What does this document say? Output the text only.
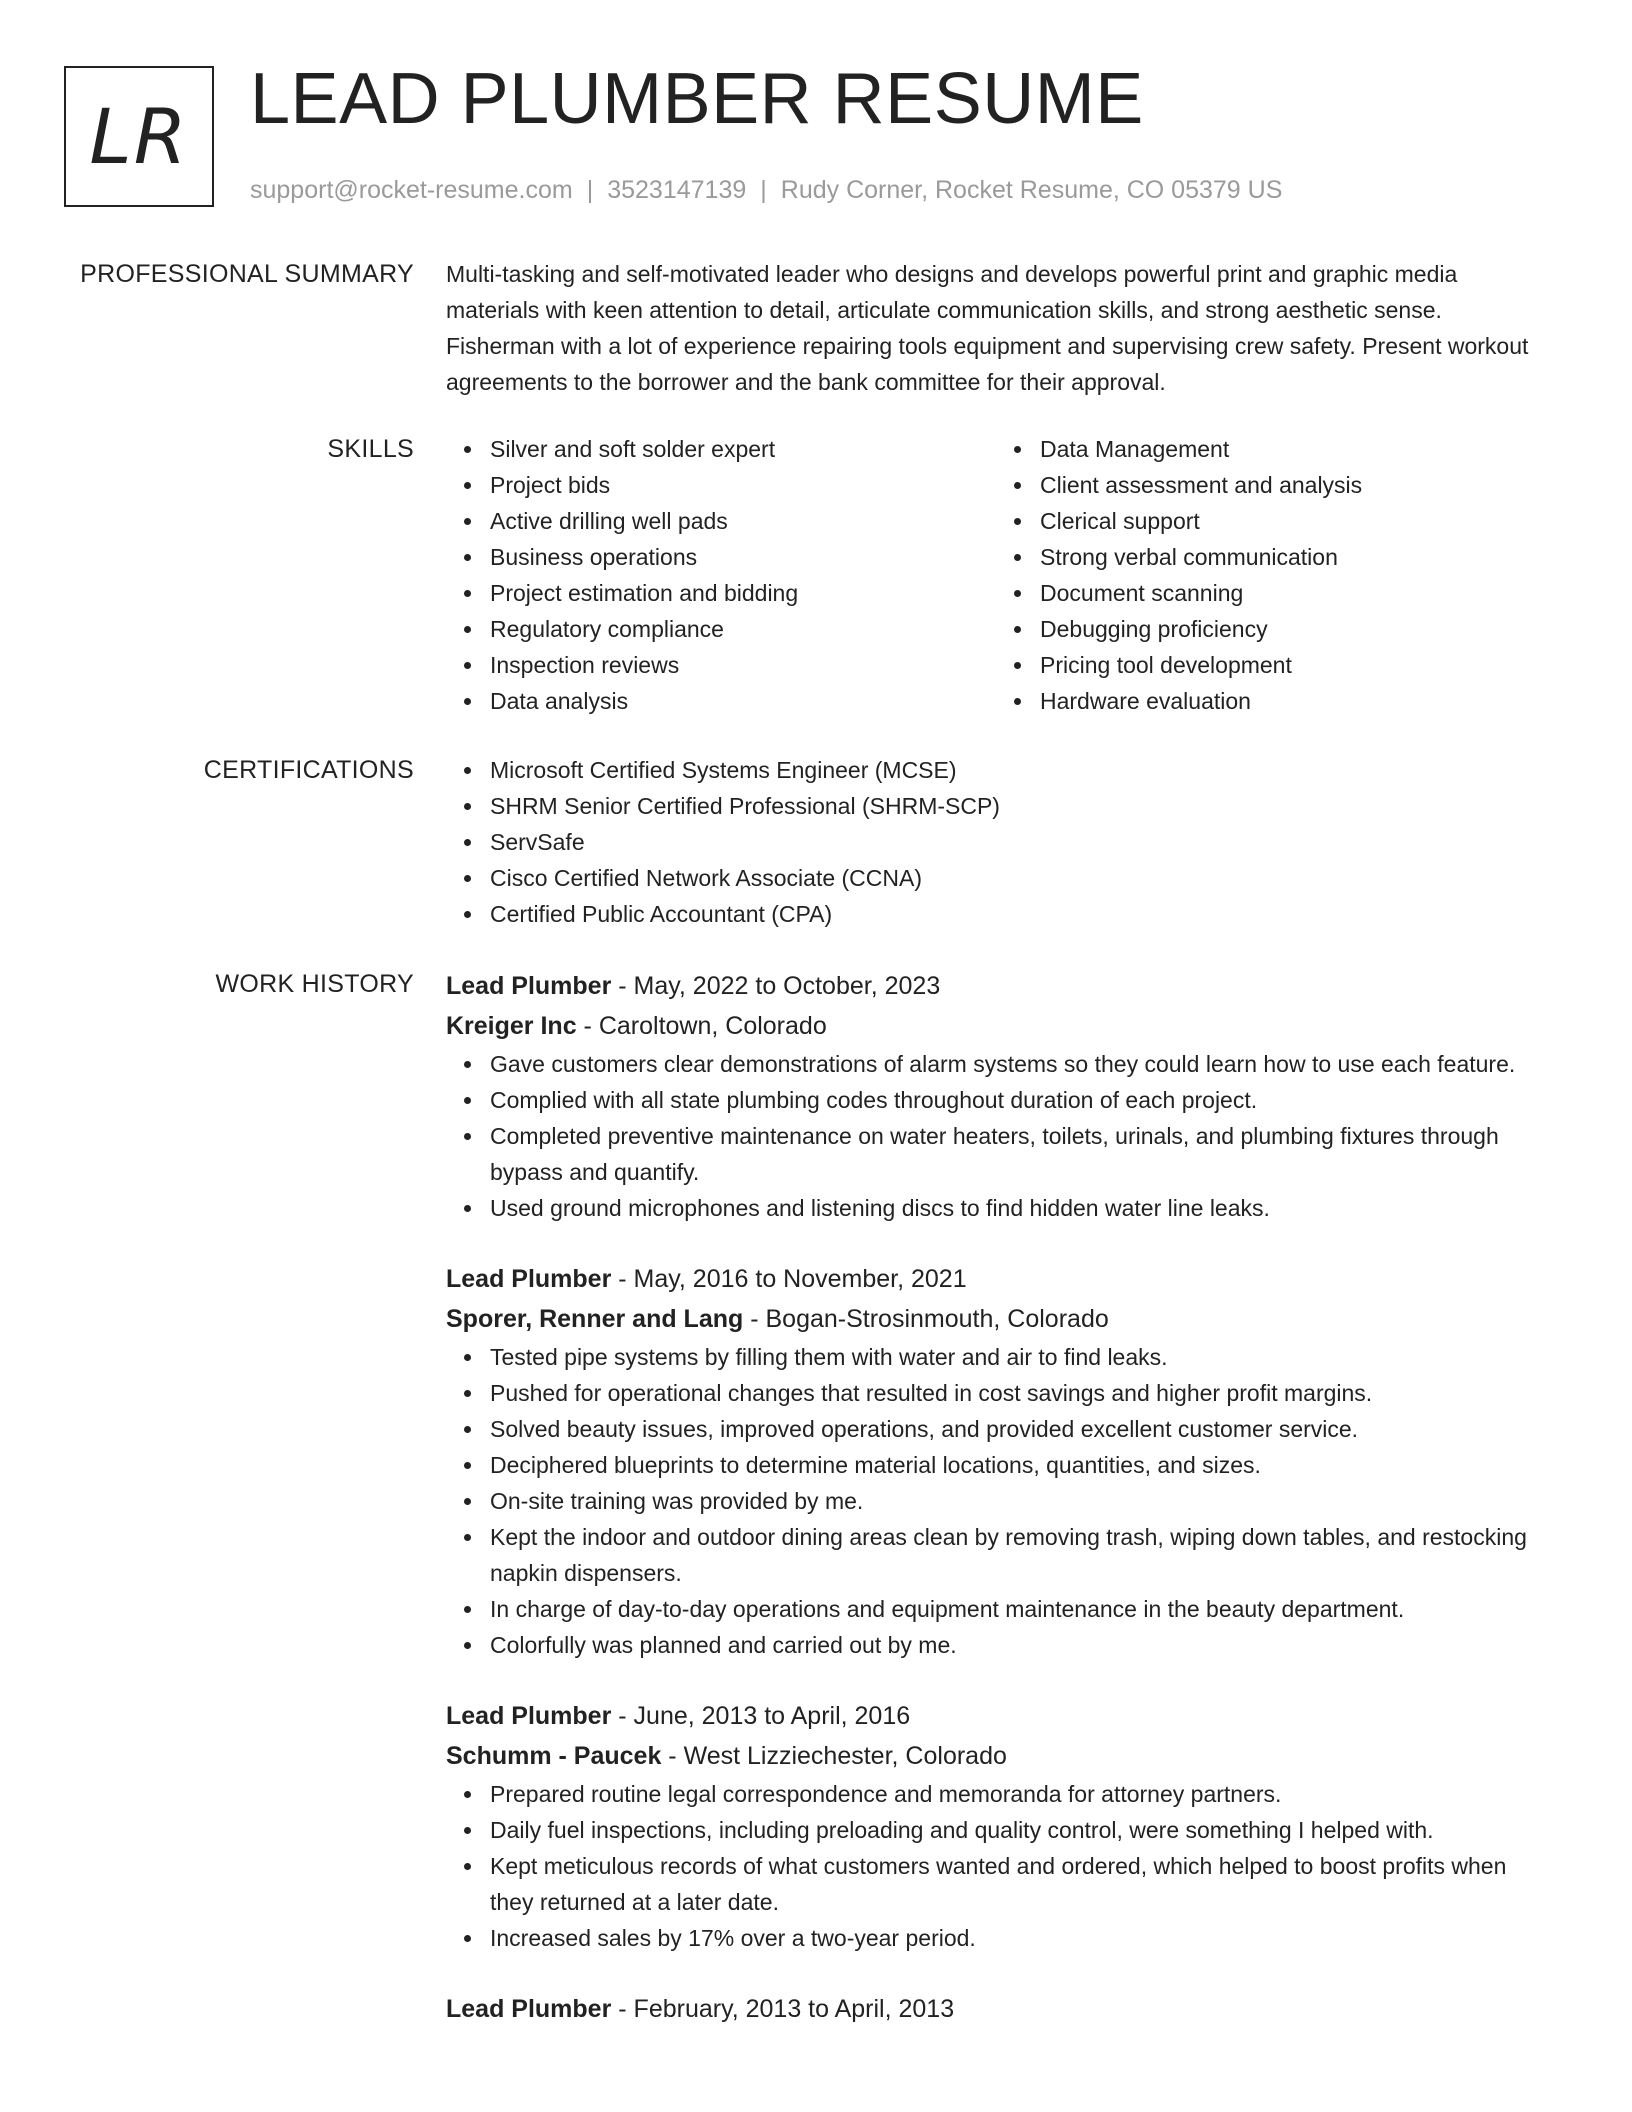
LR LEAD PLUMBER RESUME
support@rocket-resume.com | 3523147139 | Rudy Corner, Rocket Resume, CO 05379 US
PROFESSIONAL SUMMARY Multi-tasking and self-motivated leader who designs and develops powerful print and graphic media materials with keen attention to detail, articulate communication skills, and strong aesthetic sense. Fisherman with a lot of experience repairing tools equipment and supervising crew safety. Present workout agreements to the borrower and the bank committee for their approval.

SKILLS	Silver and soft solder expert
Project bids
Active drilling well pads
Business operations
Project estimation and bidding
Regulatory compliance
Inspection reviews
Data analysis
Data Management
Client assessment and analysis
Clerical support
Strong verbal communication
Document scanning
Debugging proficiency
Pricing tool development
Hardware evaluation
CERTIFICATIONS	Microsoft Certified Systems Engineer (MCSE)
SHRM Senior Certified Professional (SHRM-SCP)
ServSafe
Cisco Certified Network Associate (CCNA)
Certified Public Accountant (CPA)
WORK HISTORY Lead Plumber - May, 2022 to October, 2023
Kreiger Inc - Caroltown, Colorado
Gave customers clear demonstrations of alarm systems so they could learn how to use each feature.
Complied with all state plumbing codes throughout duration of each project.
Completed preventive maintenance on water heaters, toilets, urinals, and plumbing fixtures through bypass and quantify.
Used ground microphones and listening discs to find hidden water line leaks.
Lead Plumber - May, 2016 to November, 2021
Sporer, Renner and Lang - Bogan-Strosinmouth, Colorado
Tested pipe systems by filling them with water and air to find leaks.
Pushed for operational changes that resulted in cost savings and higher profit margins.
Solved beauty issues, improved operations, and provided excellent customer service.
Deciphered blueprints to determine material locations, quantities, and sizes.
On-site training was provided by me.
Kept the indoor and outdoor dining areas clean by removing trash, wiping down tables, and restocking napkin dispensers.
In charge of day-to-day operations and equipment maintenance in the beauty department.
Colorfully was planned and carried out by me.
Lead Plumber - June, 2013 to April, 2016
Schumm - Paucek - West Lizziechester, Colorado
Prepared routine legal correspondence and memoranda for attorney partners.
Daily fuel inspections, including preloading and quality control, were something I helped with.
Kept meticulous records of what customers wanted and ordered, which helped to boost profits when they returned at a later date.
Increased sales by 17% over a two-year period.
Lead Plumber - February, 2013 to April, 2013
